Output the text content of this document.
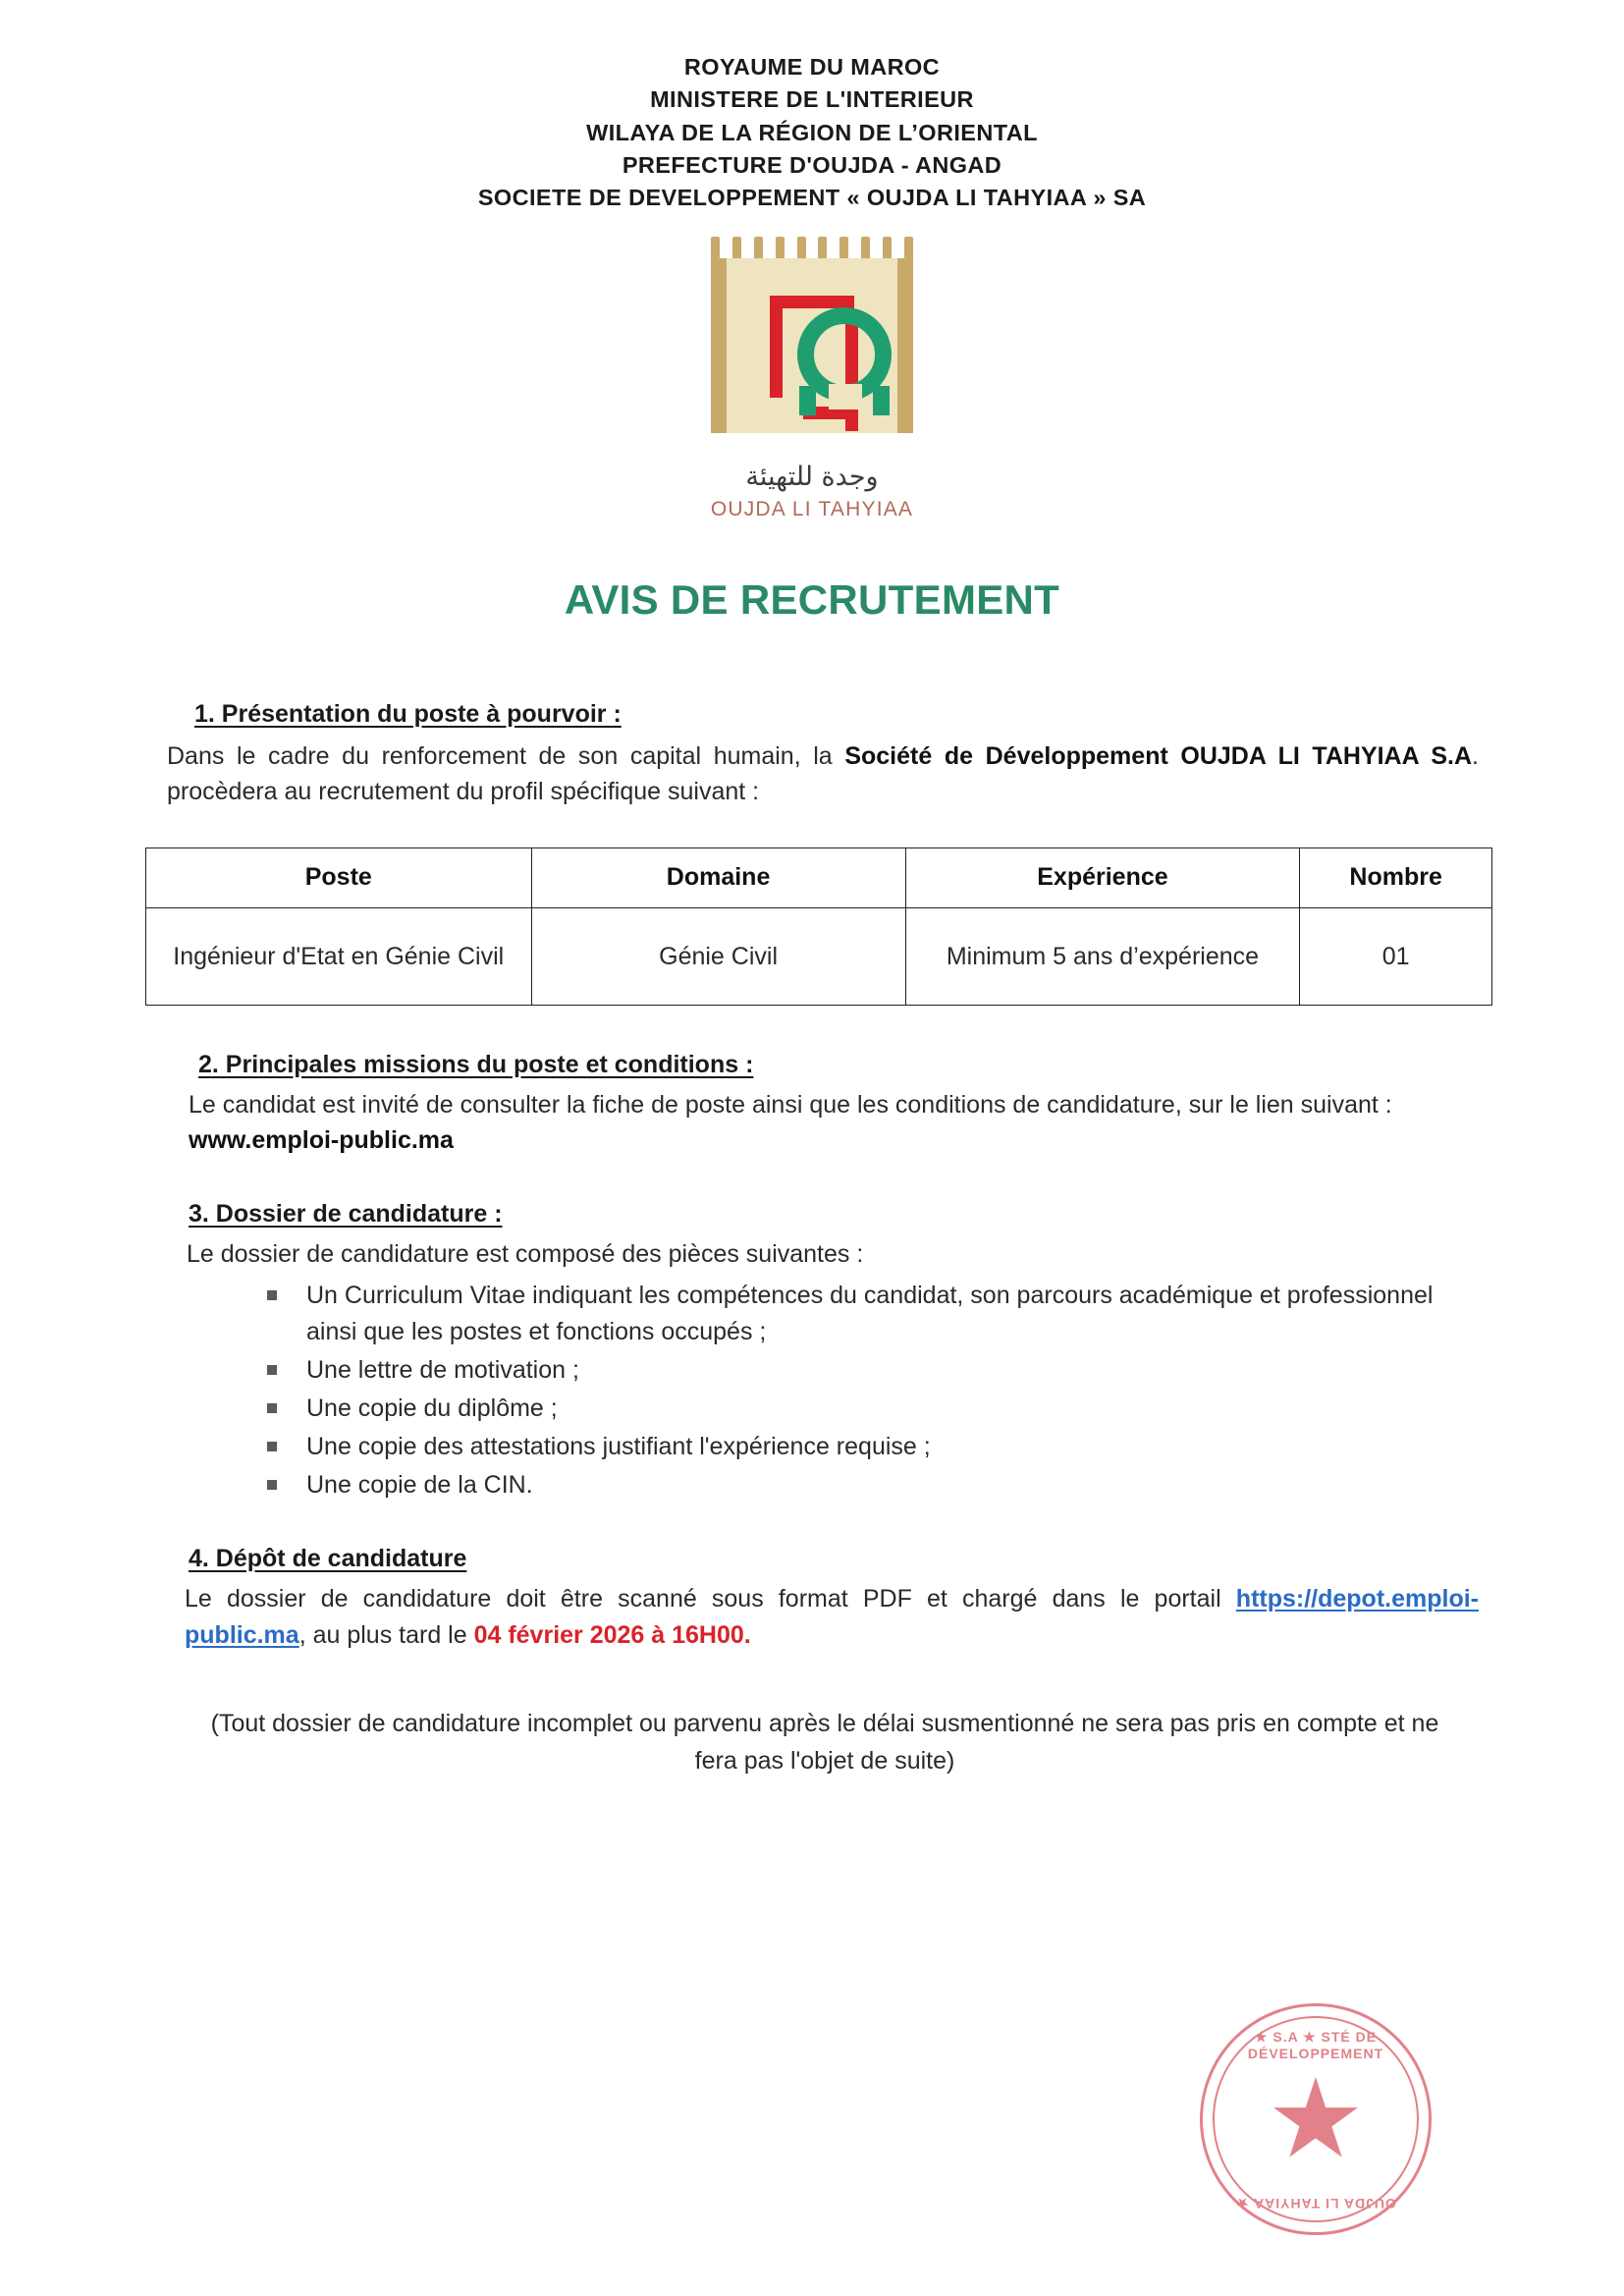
ROYAUME DU MAROC
MINISTERE DE L'INTERIEUR
WILAYA DE LA RÉGION DE L’ORIENTAL
PREFECTURE D'OUJDA - ANGAD
SOCIETE DE DEVELOPPEMENT « OUJDA LI TAHYIAA » SA
وجدة للتهيئة
OUJDA LI TAHYIAA
AVIS DE RECRUTEMENT
1. Présentation du poste à pourvoir :
Dans le cadre du renforcement de son capital humain, la Société de Développement OUJDA LI TAHYIAA S.A. procèdera au recrutement du profil spécifique suivant :
Poste	Domaine	Expérience	Nombre
Ingénieur d'Etat en Génie Civil	Génie Civil	Minimum 5 ans d’expérience	01
2. Principales missions du poste et conditions :
Le candidat est invité de consulter la fiche de poste ainsi que les conditions de candidature, sur le lien suivant : www.emploi-public.ma
3. Dossier de candidature :
Le dossier de candidature est composé des pièces suivantes :
Un Curriculum Vitae indiquant les compétences du candidat, son parcours académique et professionnel ainsi que les postes et fonctions occupés ;
Une lettre de motivation ;
Une copie du diplôme ;
Une copie des attestations justifiant l'expérience requise ;
Une copie de la CIN.
4. Dépôt de candidature
Le dossier de candidature doit être scanné sous format PDF et chargé dans le portail https://depot.emploi-public.ma, au plus tard le 04 février 2026 à 16H00.
(Tout dossier de candidature incomplet ou parvenu après le délai susmentionné ne sera pas pris en compte et ne fera pas l'objet de suite)
★ S.A ★ STÉ DE DÉVELOPPEMENT
★
OUJDA LI TAHYIAA ★
